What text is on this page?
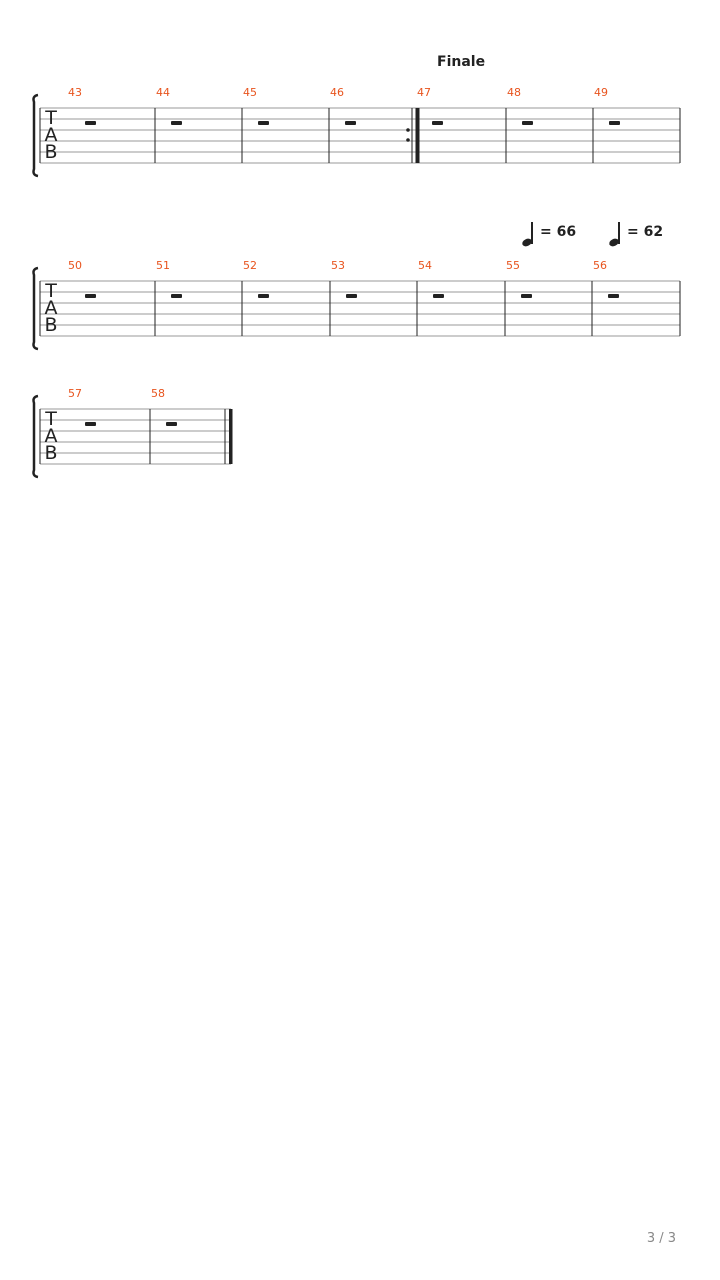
Finale
= 66	= 62
T
A
B
43	44	45	46	47	48	49
T
A
B
50	51	52	53	54	55	56
T
A
B
57	58
3 / 3
